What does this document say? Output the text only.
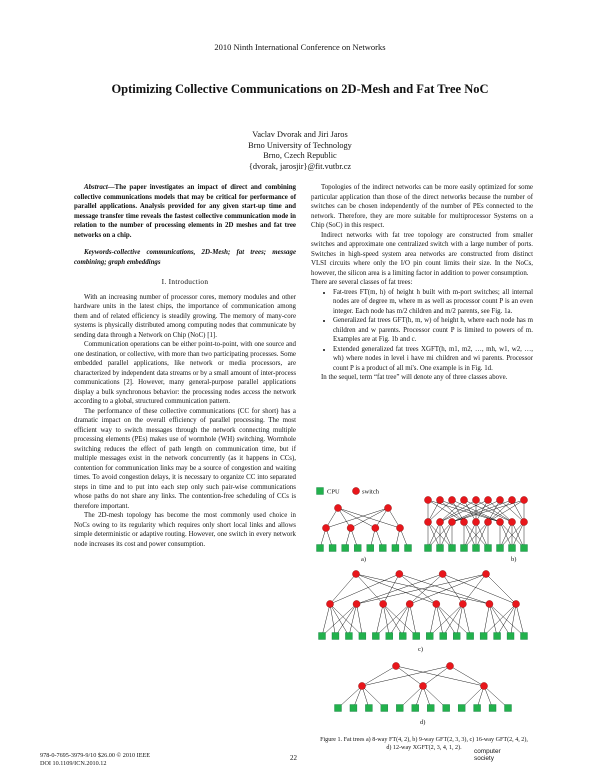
2010 Ninth International Conference on Networks
Optimizing Collective Communications on 2D-Mesh and Fat Tree NoC
Vaclav Dvorak and Jiri Jaros
Brno University of Technology
Brno, Czech Republic
{dvorak, jarosjir}@fit.vutbr.cz

Abstract—The paper investigates an impact of direct and combining collective communications models that may be critical for performance of parallel applications. Analysis provided for any given start-up time and message transfer time reveals the fastest collective communication mode in relation to the number of processing elements in 2D meshes and fat tree networks on a chip.

Keywords-collective communications, 2D-Mesh; fat trees; message combining; graph embeddings

I. Introduction

With an increasing number of processor cores, memory modules and other hardware units in the latest chips, the importance of communication among them and of related efficiency is steadily growing. The memory of many-core systems is physically distributed among computing nodes that communicate by sending data through a Network on Chip (NoC) [1].

Communication operations can be either point-to-point, with one source and one destination, or collective, with more than two participating processes. Some embedded parallel applications, like network or media processors, are characterized by independent data streams or by a small amount of inter-process communications [2]. However, many general-purpose parallel applications display a bulk synchronous behavior: the processing nodes access the network according to a global, structured communication pattern.

The performance of these collective communications (CC for short) has a dramatic impact on the overall efficiency of parallel processing. The most efficient way to switch messages through the network connecting multiple processing elements (PEs) makes use of wormhole (WH) switching. Wormhole switching reduces the effect of path length on communication time, but if multiple messages exist in the network concurrently (as it happens in CCs), contention for communication links may be a source of congestion and waiting times. To avoid congestion delays, it is necessary to organize CC into separated steps in time and to put into each step only such pair-wise communications whose paths do not share any links. The contention-free scheduling of CCs is therefore important.

The 2D-mesh topology has become the most commonly used choice in NoCs owing to its regularity which requires only short local links and allows simple deterministic or adaptive routing. However, one switch in every network node increases its cost and power consumption.

Topologies of the indirect networks can be more easily optimized for some particular application than those of the direct networks because the number of switches can be chosen independently of the number of PEs connected to the network. Therefore, they are more suitable for multiprocessor Systems on a Chip (SoC) in this respect.

Indirect networks with fat tree topology are constructed from smaller switches and approximate one centralized switch with a large number of ports. Switches in high-speed system area networks are constructed from distinct VLSI circuits where only the I/O pin count limits their size. In the NoCs, however, the silicon area is a limiting factor in addition to power consumption.

There are several classes of fat trees:

• Fat-trees FT(m, h) of height h built with m-port switches; all internal nodes are of degree m, where m as well as processor count P is an even integer. Each node has m/2 children and m/2 parents, see Fig. 1a.
• Generalized fat trees GFT(h, m, w) of height h, where each node has m children and w parents. Processor count P is limited to powers of m. Examples are at Fig. 1b and c.
• Extended generalized fat trees XGFT(h, m1, m2, …, mh, w1, w2, …, wh) where nodes in level i have mi children and wi parents. Processor count P is a product of all mi's. One example is in Fig. 1d.

In the sequel, term “fat tree” will denote any of three classes above.

CPU	switch
a)	b)
c)
d)
Figure 1. Fat trees a) 8-way FT(4, 2), b) 9-way GFT(2, 3, 3), c) 16-way GFT(2, 4, 2), d) 12-way XGFT(2, 3, 4, 1, 2).
978-0-7695-3979-9/10 $26.00 © 2010 IEEE
DOI 10.1109/ICN.2010.12
22
computer
society
